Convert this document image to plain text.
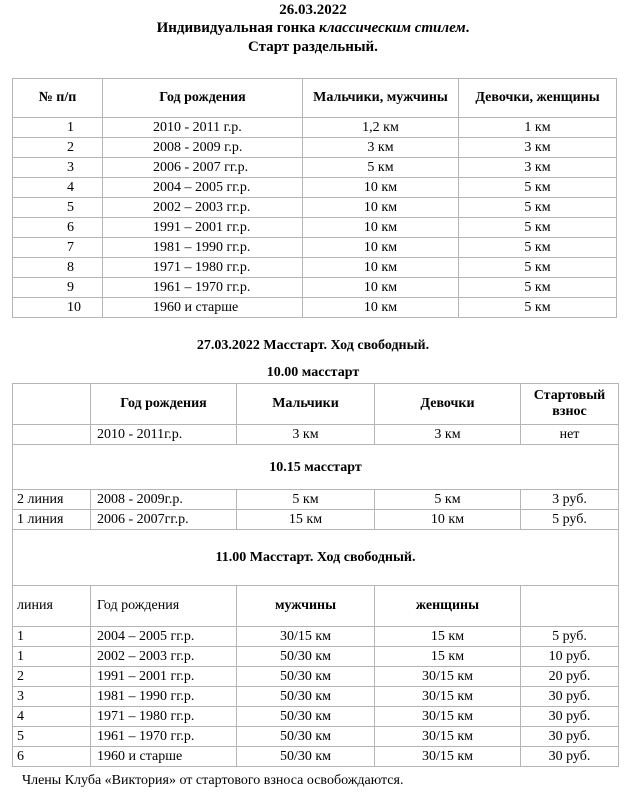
26.03.2022
Индивидуальная гонка классическим стилем.
Старт раздельный.
№ п/п	Год рождения	Мальчики, мужчины	Девочки, женщины
1	2010 - 2011 г.р.	1,2 км	1 км
2	2008 - 2009 г.р.	3 км	3 км
3	2006 - 2007 гг.р.	5 км	3 км
4	2004 – 2005 гг.р.	10 км	5 км
5	2002 – 2003 гг.р.	10 км	5 км
6	1991 – 2001 гг.р.	10 км	5 км
7	1981 – 1990 гг.р.	10 км	5 км
8	1971 – 1980 гг.р.	10 км	5 км
9	1961 – 1970 гг.р.	10 км	5 км
10	1960 и старше	10 км	5 км
27.03.2022 Масстарт. Ход свободный.
10.00 масстарт
	Год рождения	Мальчики	Девочки	Стартовый взнос
	2010 - 2011г.р.	3 км	3 км	нет
10.15 масстарт				
2 линия	2008 - 2009г.р.	5 км	5 км	3 руб.
1 линия	2006 - 2007гг.р.	15 км	10 км	5 руб.
11.00 Масстарт. Ход свободный.				
линия	Год рождения	мужчины	женщины	
1	2004 – 2005 гг.р.	30/15 км	15 км	5 руб.
1	2002 – 2003 гг.р.	50/30 км	15 км	10 руб.
2	1991 – 2001 гг.р.	50/30 км	30/15 км	20 руб.
3	1981 – 1990 гг.р.	50/30 км	30/15 км	30 руб.
4	1971 – 1980 гг.р.	50/30 км	30/15 км	30 руб.
5	1961 – 1970 гг.р.	50/30 км	30/15 км	30 руб.
6	1960 и старше	50/30 км	30/15 км	30 руб.
Члены Клуба «Виктория» от стартового взноса освобождаются.
